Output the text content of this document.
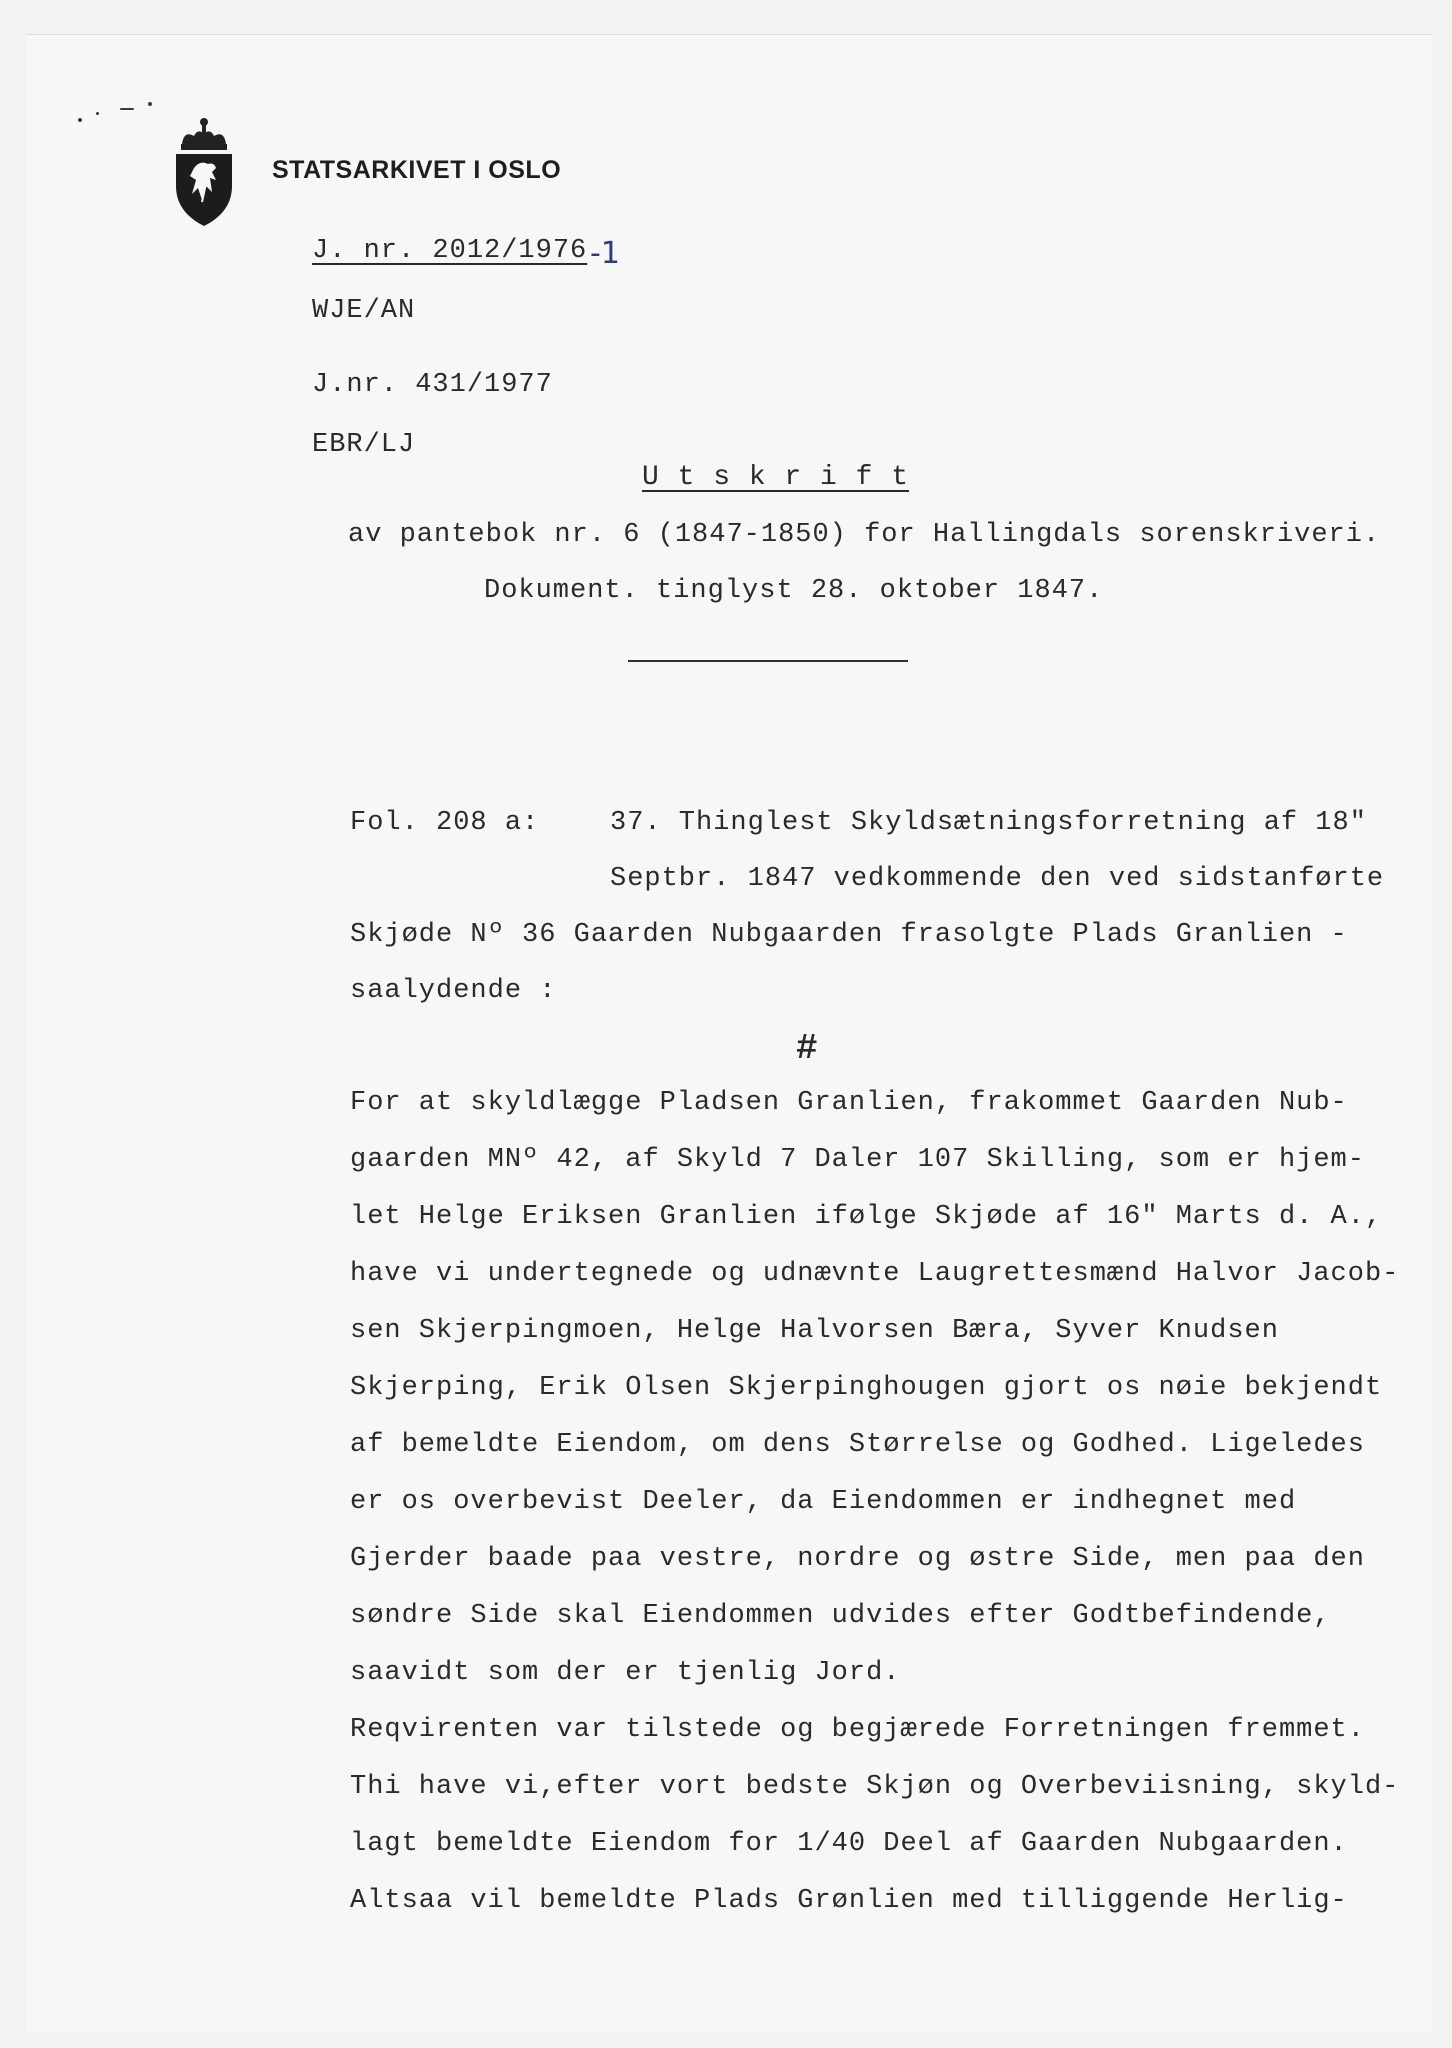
STATSARKIVET I OSLO
J. nr. 2012/1976 -1
WJE/AN
J.nr. 431/1977
EBR/LJ
U t s k r i f t
av pantebok nr. 6 (1847-1850) for Hallingdals sorenskriveri.
Dokument. tinglyst 28. oktober 1847.
Fol. 208 a:	37. Thinglest Skyldsætningsforretning af 18"
Septbr. 1847 vedkommende den ved sidstanførte
Skjøde Nº 36 Gaarden Nubgaarden frasolgte Plads Granlien -
saalydende :
#
For at skyldlægge Pladsen Granlien, frakommet Gaarden Nub-
gaarden MNº 42, af Skyld 7 Daler 107 Skilling, som er hjem-
let Helge Eriksen Granlien ifølge Skjøde af 16" Marts d. A.,
have vi undertegnede og udnævnte Laugrettesmænd Halvor Jacob-
sen Skjerpingmoen, Helge Halvorsen Bæra, Syver Knudsen
Skjerping, Erik Olsen Skjerpinghougen gjort os nøie bekjendt
af bemeldte Eiendom, om dens Størrelse og Godhed. Ligeledes
er os overbevist Deeler, da Eiendommen er indhegnet med
Gjerder baade paa vestre, nordre og østre Side, men paa den
søndre Side skal Eiendommen udvides efter Godtbefindende,
saavidt som der er tjenlig Jord.
Reqvirenten var tilstede og begjærede Forretningen fremmet.
Thi have vi,efter vort bedste Skjøn og Overbeviisning, skyld-
lagt bemeldte Eiendom for 1/40 Deel af Gaarden Nubgaarden.
Altsaa vil bemeldte Plads Grønlien med tilliggende Herlig-
